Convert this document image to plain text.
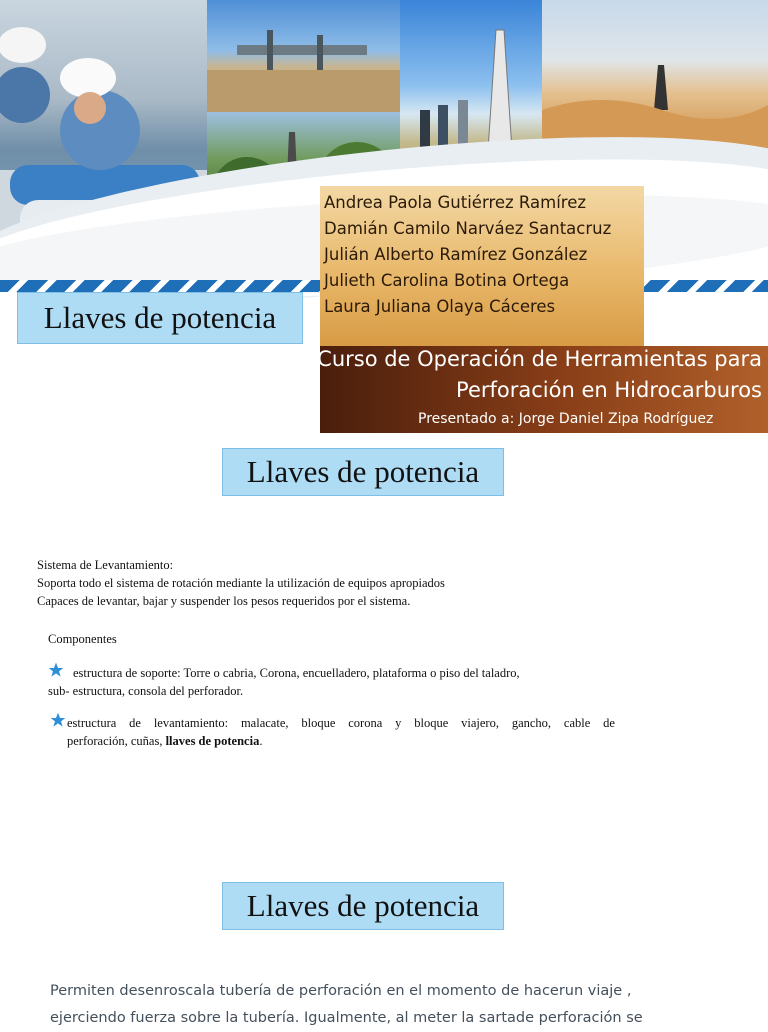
Llaves de potencia
Andrea Paola Gutiérrez Ramírez
Damián Camilo Narváez Santacruz
Julián Alberto Ramírez González
Julieth Carolina Botina Ortega
Laura Juliana Olaya Cáceres
Curso de Operación de Herramientas para
Perforación en Hidrocarburos
Presentado a: Jorge Daniel Zipa Rodríguez
Llaves de potencia
Sistema de Levantamiento:
Soporta todo el sistema de rotación mediante la utilización de equipos apropiados
Capaces de levantar, bajar y suspender los pesos requeridos por el sistema.
Componentes
estructura de soporte: Torre o cabria, Corona, encuelladero, plataforma o piso del taladro,
sub- estructura, consola del perforador.
estructura de levantamiento: malacate, bloque corona y bloque viajero, gancho, cable de
perforación, cuñas, llaves de potencia.
Llaves de potencia
Permiten desenroscala tubería de perforación en el momento de hacerun viaje ,
ejerciendo fuerza sobre la tubería. Igualmente, al meter la sartade perforación se
